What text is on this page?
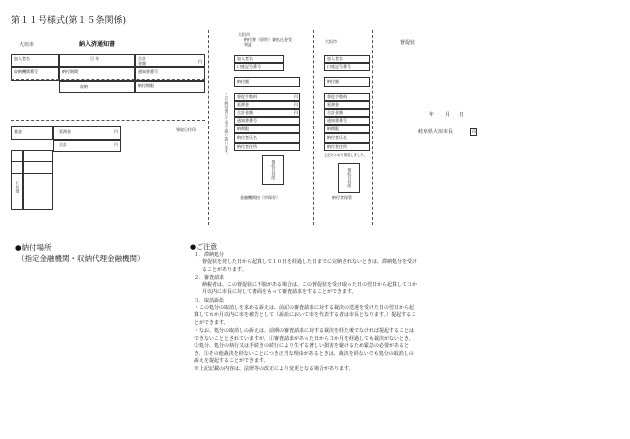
第１１号様式(第１５条関係)
大垣市	納入済通知書
加入者名	日 年	合計金額	円
収納機関番号	納付期間	通知書番号
収納	納付期限
基金	延滞金	円
合計	円
領収日付印
ＣＲ部
大垣市
納付書（原符）兼払込金受領証
加入者名
口座記号番号
納付額
督促手数料	円
延滞金	円
合計金額	円
通知書番号
納期限
納付者氏名
納付者住所
領収日付印
この納付書にて市で取り扱います。
金融機関控（市保存）
大垣市
加入者名
口座記号番号
納付額
督促手数料
延滞金
合計金額
通知書番号
納期限
納付者氏名
納付者住所
上記のとおり領収しました。
領収日付印
納付者保管
督促状
年 月 日
岐阜県大垣市長	印
●納付場所
（指定金融機関・収納代理金融機関）
●ご注意
１．滞納処分
督促状を発した日から起算して１０日を経過した日までに完納されないときは、滞納処分を受けることがあります。
２．審査請求
納税者は、この督促状に不服がある場合は、この督促状を受け取った日の翌日から起算して３か月以内に市長に対して書面をもって審査請求をすることができます。
３．取消訴訟
・この処分の取消しを求める訴えは、前記の審査請求に対する裁決の送達を受けた日の翌日から起算して６か月以内に市を被告として（訴訟において市を代表する者は市長となります。）提起することができます。
・なお、処分の取消しの訴えは、前期の審査請求に対する裁決を経た後でなければ提起することはできないこととされていますが、①審査請求があった日から３か月を経過しても裁決がないとき、②処分、処分の執行又は手続きの続行により生ずる著しい損害を避けるため緊急の必要があるとき、③その他裁決を経ないことにつき正当な理由があるときは、裁決を経ないでも処分の取消しの訴えを提起することができます。
※上記記載の内容は、法律等の改正により変更となる場合があります。
